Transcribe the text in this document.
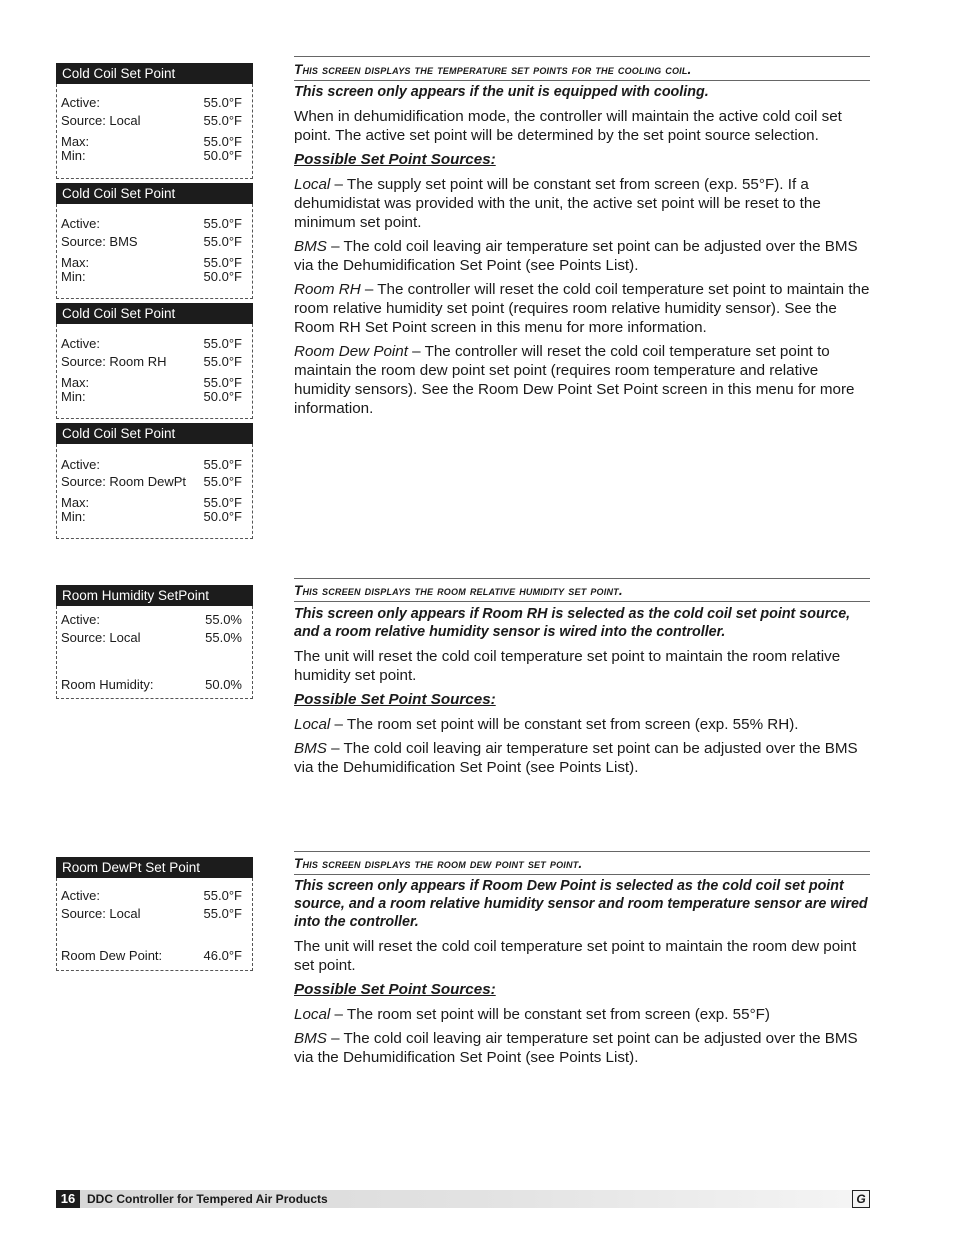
Cold Coil Set Point
Active:	55.0°F
Source: Local	55.0°F
Max:	55.0°F
Min:	50.0°F
Cold Coil Set Point
Active:	55.0°F
Source: BMS	55.0°F
Max:	55.0°F
Min:	50.0°F
Cold Coil Set Point
Active:	55.0°F
Source: Room RH	55.0°F
Max:	55.0°F
Min:	50.0°F
Cold Coil Set Point
Active:	55.0°F
Source: Room DewPt 55.0°F
Max:	55.0°F
Min:	50.0°F
Room Humidity SetPoint
Active:	55.0%
Source: Local	55.0%
Room Humidity:	50.0%
Room DewPt Set Point
Active:	55.0°F
Source: Local	55.0°F
Room Dew Point:	46.0°F
This screen displays the temperature set points for the cooling coil.

This screen only appears if the unit is equipped with cooling.

When in dehumidification mode, the controller will maintain the active cold coil set point. The active set point will be determined by the set point source selection.

Possible Set Point Sources:

Local – The supply set point will be constant set from screen (exp. 55°F). If a dehumidistat was provided with the unit, the active set point will be reset to the minimum set point.

BMS – The cold coil leaving air temperature set point can be adjusted over the BMS via the Dehumidification Set Point (see Points List).

Room RH – The controller will reset the cold coil temperature set point to maintain the room relative humidity set point (requires room relative humidity sensor). See the Room RH Set Point screen in this menu for more information.

Room Dew Point – The controller will reset the cold coil temperature set point to maintain the room dew point set point (requires room temperature and relative humidity sensors). See the Room Dew Point Set Point screen in this menu for more information.

This screen displays the room relative humidity set point.

This screen only appears if Room RH is selected as the cold coil set point source, and a room relative humidity sensor is wired into the controller.

The unit will reset the cold coil temperature set point to maintain the room relative humidity set point.

Possible Set Point Sources:

Local – The room set point will be constant set from screen (exp. 55% RH).

BMS – The cold coil leaving air temperature set point can be adjusted over the BMS via the Dehumidification Set Point (see Points List).

This screen displays the room dew point set point.

This screen only appears if Room Dew Point is selected as the cold coil set point source, and a room relative humidity sensor and room temperature sensor are wired into the controller.

The unit will reset the cold coil temperature set point to maintain the room dew point set point.

Possible Set Point Sources:

Local – The room set point will be constant set from screen (exp. 55°F)

BMS – The cold coil leaving air temperature set point can be adjusted over the BMS via the Dehumidification Set Point (see Points List).

16 DDC Controller for Tempered Air Products	G
